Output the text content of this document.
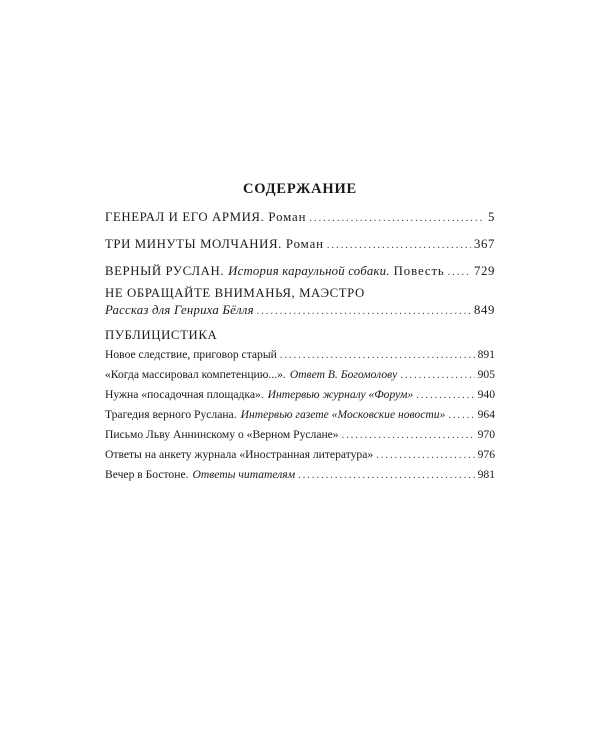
СОДЕРЖАНИЕ
ГЕНЕРАЛ И ЕГО АРМИЯ. Роман .....	5
ТРИ МИНУТЫ МОЛЧАНИЯ. Роман .....	367
ВЕРНЫЙ РУСЛАН. История караульной собаки. Повесть ..... 729
НЕ ОБРАЩАЙТЕ ВНИМАНЬЯ, МАЭСТРО
Рассказ для Генриха Бёлля .....	849
ПУБЛИЦИСТИКА
Новое следствие, приговор старый .....	891
«Когда массировал компетенцию...». Ответ В. Богомолову .....	905
Нужна «посадочная площадка». Интервью журналу «Форум» .....	940
Трагедия верного Руслана. Интервью газете «Московские новости» .....	964
Письмо Льву Аннинскому о «Верном Руслане» .....	970
Ответы на анкету журнала «Иностранная литература» .....	976
Вечер в Бостоне. Ответы читателям .....	981
